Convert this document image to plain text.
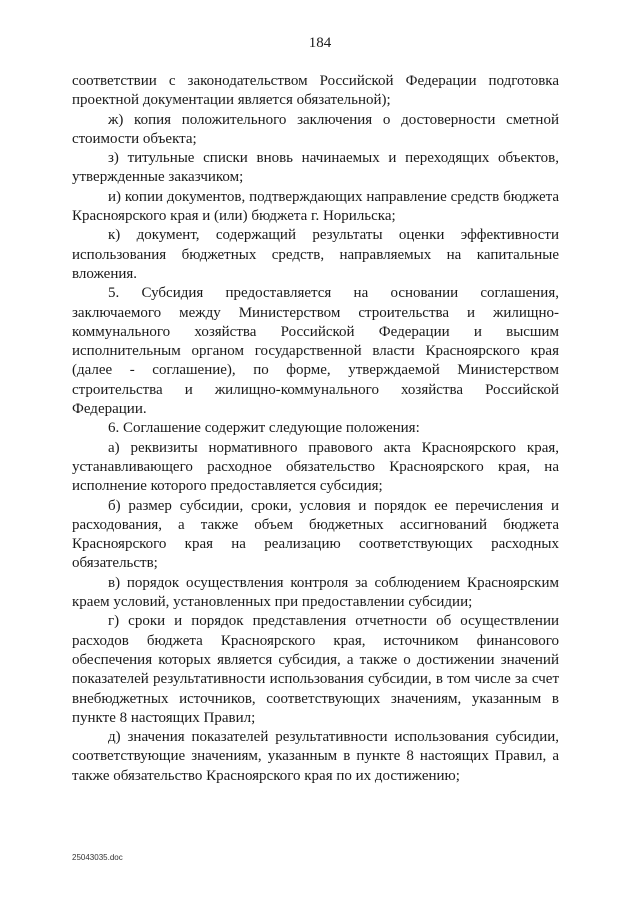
184

соответствии с законодательством Российской Федерации подготовка проектной документации является обязательной);

ж) копия положительного заключения о достоверности сметной стоимости объекта;

з) титульные списки вновь начинаемых и переходящих объектов, утвержденные заказчиком;

и) копии документов, подтверждающих направление средств бюджета Красноярского края и (или) бюджета г. Норильска;

к) документ, содержащий результаты оценки эффективности использования бюджетных средств, направляемых на капитальные вложения.

5. Субсидия предоставляется на основании соглашения, заключаемого между Министерством строительства и жилищно-коммунального хозяйства Российской Федерации и высшим исполнительным органом государственной власти Красноярского края (далее - соглашение), по форме, утверждаемой Министерством строительства и жилищно-коммунального хозяйства Российской Федерации.

6. Соглашение содержит следующие положения:

а) реквизиты нормативного правового акта Красноярского края, устанавливающего расходное обязательство Красноярского края, на исполнение которого предоставляется субсидия;

б) размер субсидии, сроки, условия и порядок ее перечисления и расходования, а также объем бюджетных ассигнований бюджета Красноярского края на реализацию соответствующих расходных обязательств;

в) порядок осуществления контроля за соблюдением Красноярским краем условий, установленных при предоставлении субсидии;

г) сроки и порядок представления отчетности об осуществлении расходов бюджета Красноярского края, источником финансового обеспечения которых является субсидия, а также о достижении значений показателей результативности использования субсидии, в том числе за счет внебюджетных источников, соответствующих значениям, указанным в пункте 8 настоящих Правил;

д) значения показателей результативности использования субсидии, соответствующие значениям, указанным в пункте 8 настоящих Правил, а также обязательство Красноярского края по их достижению;

25043035.doc
